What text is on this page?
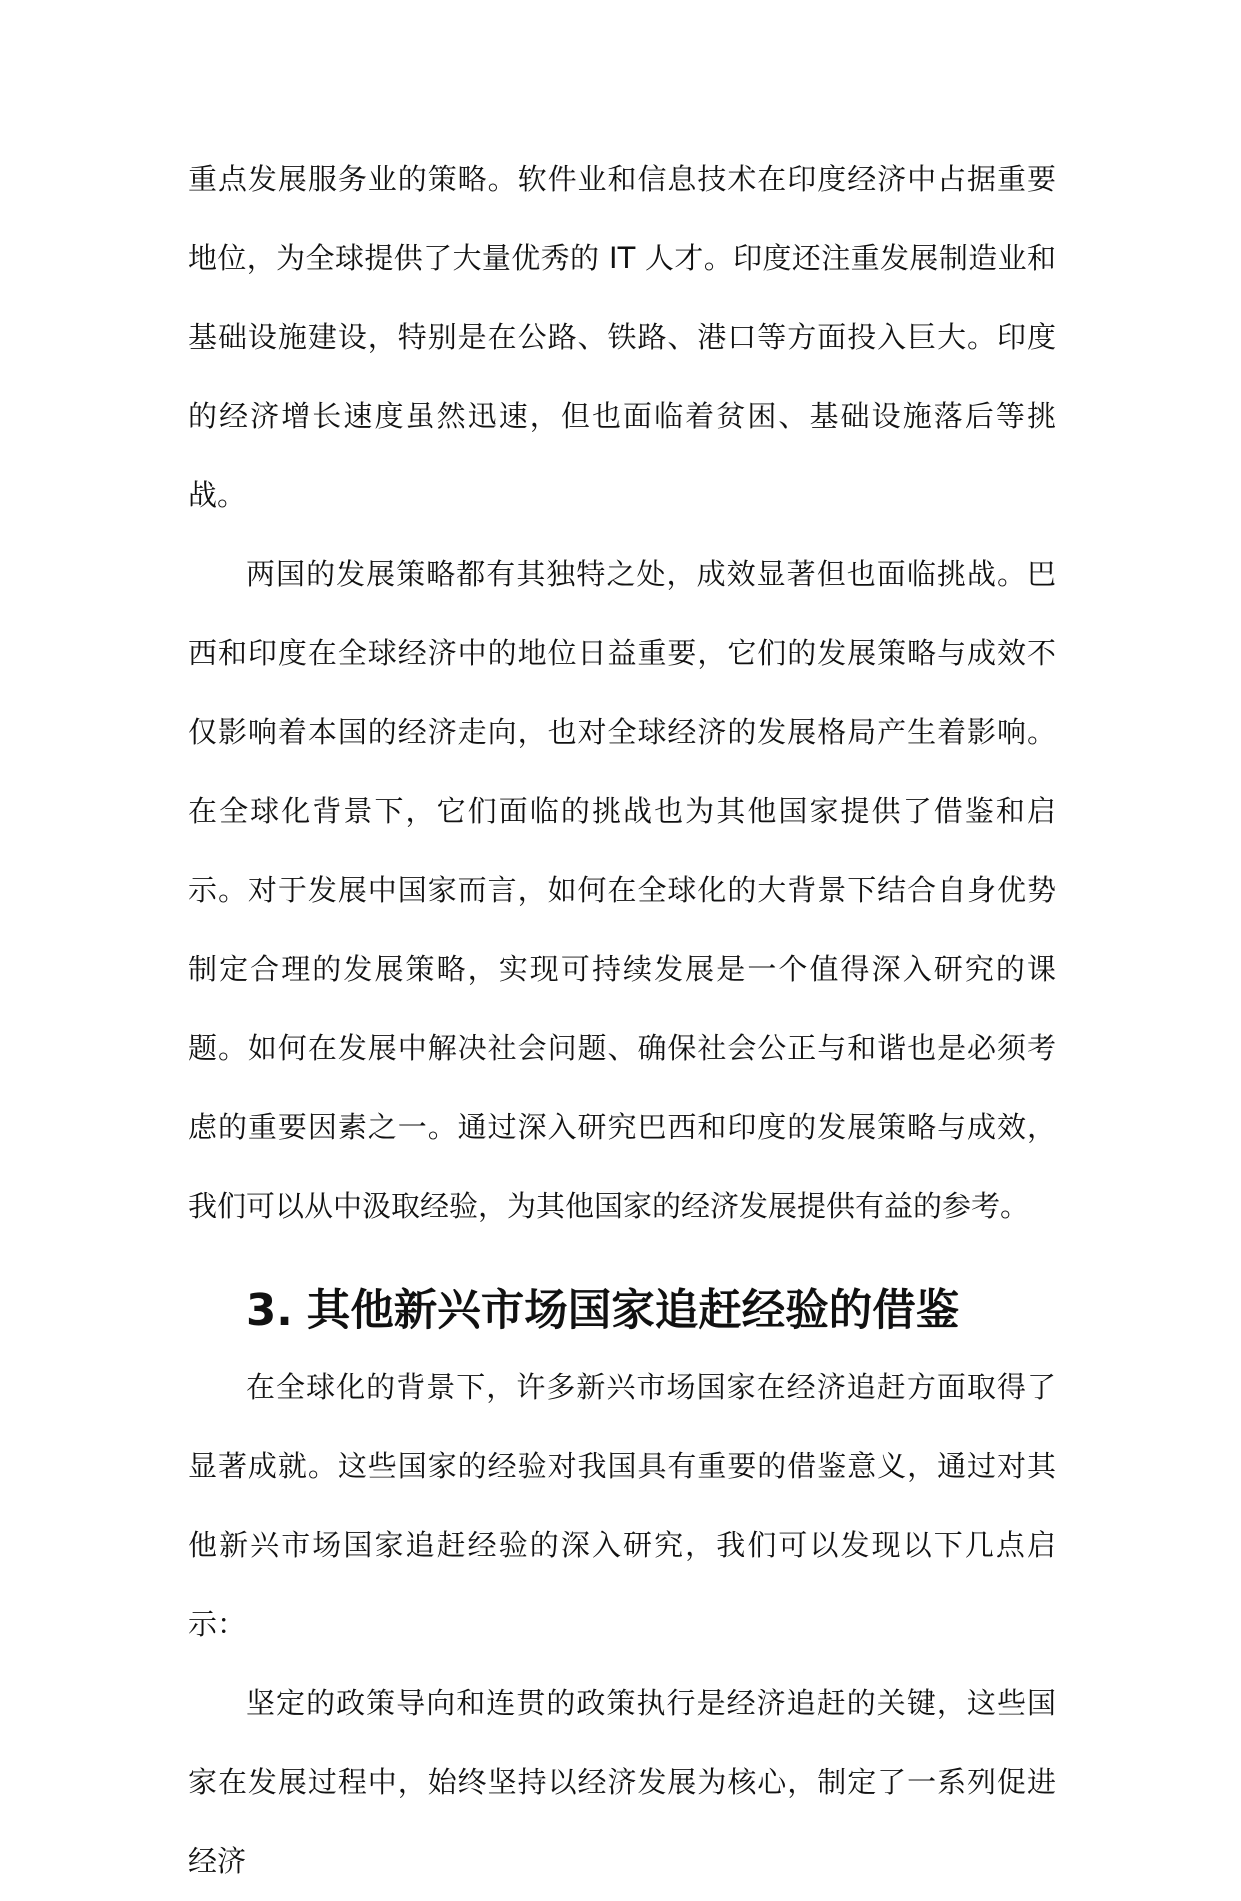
重点发展服务业的策略。软件业和信息技术在印度经济中占据重要地位，为全球提供了大量优秀的 IT 人才。印度还注重发展制造业和基础设施建设，特别是在公路、铁路、港口等方面投入巨大。印度的经济增长速度虽然迅速，但也面临着贫困、基础设施落后等挑战。

两国的发展策略都有其独特之处，成效显著但也面临挑战。巴西和印度在全球经济中的地位日益重要，它们的发展策略与成效不仅影响着本国的经济走向，也对全球经济的发展格局产生着影响。在全球化背景下，它们面临的挑战也为其他国家提供了借鉴和启示。对于发展中国家而言，如何在全球化的大背景下结合自身优势制定合理的发展策略，实现可持续发展是一个值得深入研究的课题。如何在发展中解决社会问题、确保社会公正与和谐也是必须考虑的重要因素之一。通过深入研究巴西和印度的发展策略与成效，我们可以从中汲取经验，为其他国家的经济发展提供有益的参考。

3. 其他新兴市场国家追赶经验的借鉴

在全球化的背景下，许多新兴市场国家在经济追赶方面取得了显著成就。这些国家的经验对我国具有重要的借鉴意义，通过对其他新兴市场国家追赶经验的深入研究，我们可以发现以下几点启示：

坚定的政策导向和连贯的政策执行是经济追赶的关键，这些国家在发展过程中，始终坚持以经济发展为核心，制定了一系列促进经济
